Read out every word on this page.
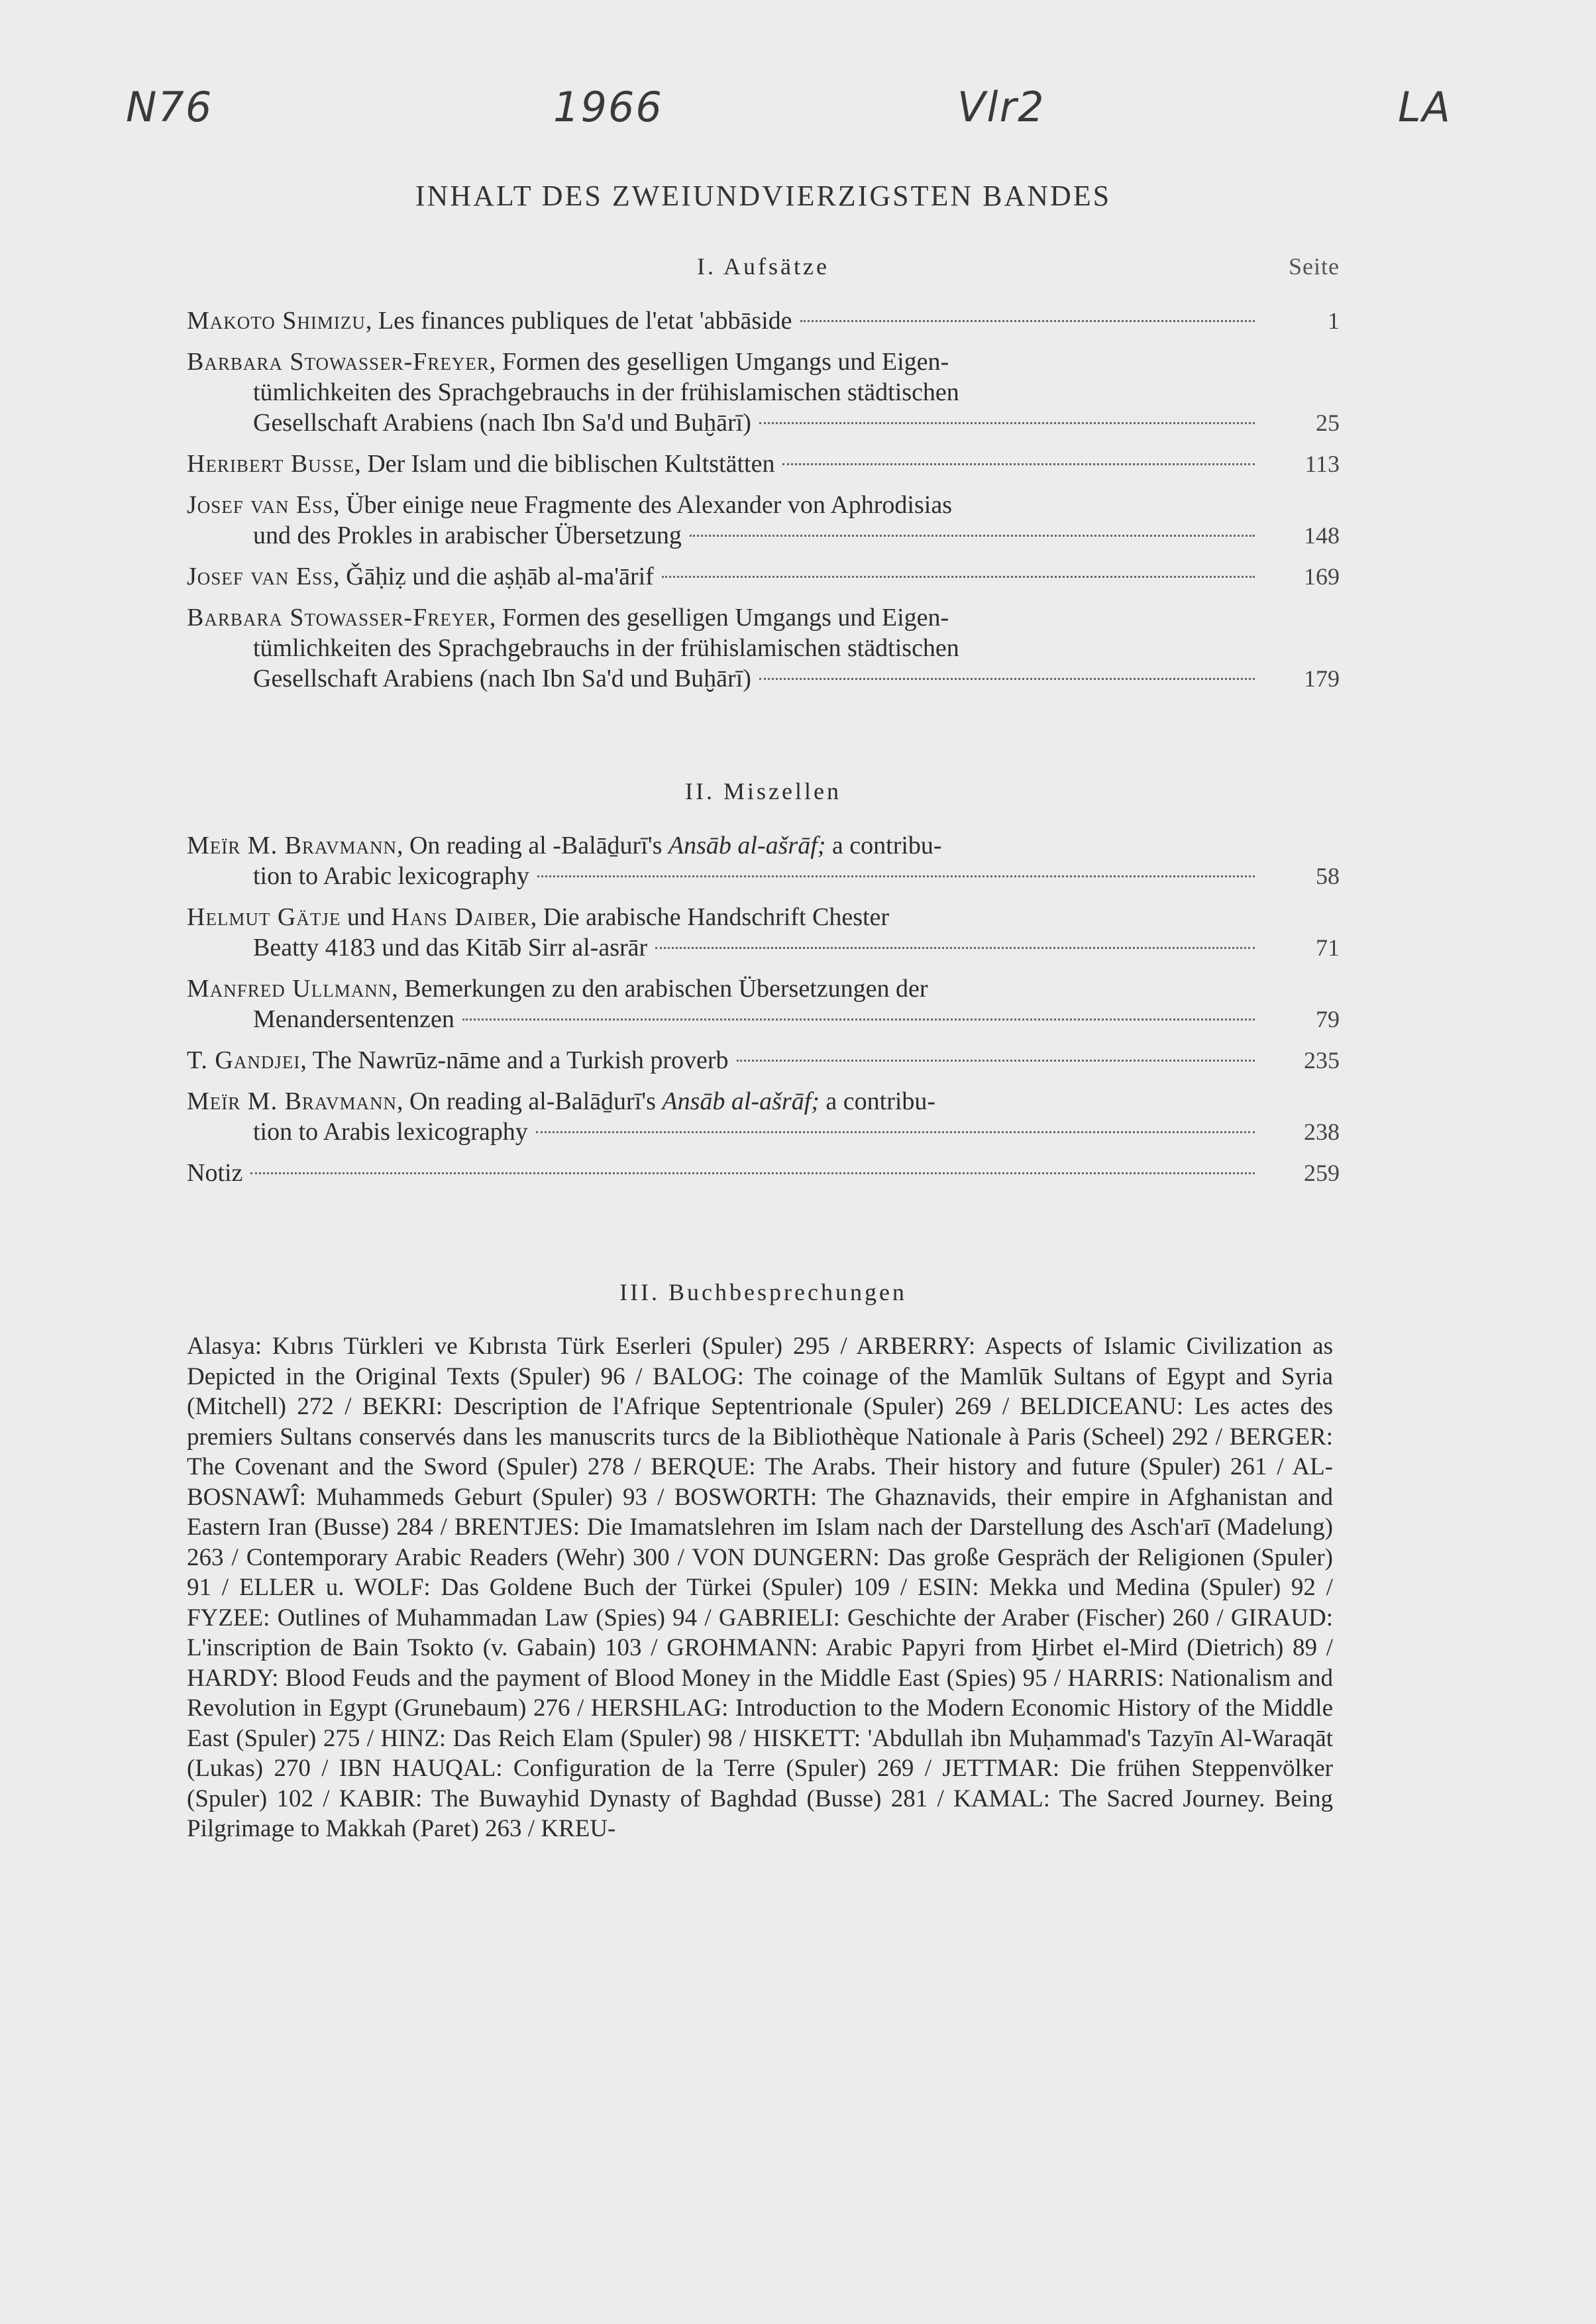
N76	1966	Vlr2	LA
INHALT DES ZWEIUNDVIERZIGSTEN BANDES
I. Aufsätze	Seite
Makoto Shimizu, Les finances publiques de l'etat 'abbāside	1
Barbara Stowasser-Freyer, Formen des geselligen Umgangs und Eigen-
tümlichkeiten des Sprachgebrauchs in der frühislamischen städtischen
Gesellschaft Arabiens (nach Ibn Sa'd und Buḫārī)	25
Heribert Busse, Der Islam und die biblischen Kultstätten	113
Josef van Ess, Über einige neue Fragmente des Alexander von Aphrodisias
und des Prokles in arabischer Übersetzung	148
Josef van Ess, Ǧāḥiẓ und die aṣḥāb al-ma'ārif	169
Barbara Stowasser-Freyer, Formen des geselligen Umgangs und Eigen-
tümlichkeiten des Sprachgebrauchs in der frühislamischen städtischen
Gesellschaft Arabiens (nach Ibn Sa'd und Buḫārī)	179
II. Miszellen
Meïr M. Bravmann, On reading al -Balāḏurī's Ansāb al-ašrāf; a contribu-
tion to Arabic lexicography	58
Helmut Gätje und Hans Daiber, Die arabische Handschrift Chester
Beatty 4183 und das Kitāb Sirr al-asrār	71
Manfred Ullmann, Bemerkungen zu den arabischen Übersetzungen der
Menandersentenzen	79
T. Gandjei, The Nawrūz-nāme and a Turkish proverb	235
Meïr M. Bravmann, On reading al-Balāḏurī's Ansāb al-ašrāf; a contribu-
tion to Arabis lexicography	238
Notiz	259
III. Buchbesprechungen

Alasya: Kıbrıs Türkleri ve Kıbrısta Türk Eserleri (Spuler) 295 / ARBERRY: Aspects of Islamic Civilization as Depicted in the Original Texts (Spuler) 96 / BALOG: The coinage of the Mamlūk Sultans of Egypt and Syria (Mitchell) 272 / BEKRI: Description de l'Afrique Septentrionale (Spuler) 269 / BELDICEANU: Les actes des premiers Sultans conservés dans les manuscrits turcs de la Bibliothèque Nationale à Paris (Scheel) 292 / BERGER: The Covenant and the Sword (Spuler) 278 / BERQUE: The Arabs. Their history and future (Spuler) 261 / AL-BOSNAWÎ: Muhammeds Geburt (Spuler) 93 / BOSWORTH: The Ghaznavids, their empire in Afghanistan and Eastern Iran (Busse) 284 / BRENTJES: Die Imamatslehren im Islam nach der Darstellung des Asch'arī (Madelung) 263 / Contemporary Arabic Readers (Wehr) 300 / VON DUNGERN: Das große Gespräch der Religionen (Spuler) 91 / ELLER u. WOLF: Das Goldene Buch der Türkei (Spuler) 109 / ESIN: Mekka und Medina (Spuler) 92 / FYZEE: Outlines of Muhammadan Law (Spies) 94 / GABRIELI: Geschichte der Araber (Fischer) 260 / GIRAUD: L'inscription de Bain Tsokto (v. Gabain) 103 / GROHMANN: Arabic Papyri from Ḫirbet el-Mird (Dietrich) 89 / HARDY: Blood Feuds and the payment of Blood Money in the Middle East (Spies) 95 / HARRIS: Nationalism and Revolution in Egypt (Grunebaum) 276 / HERSHLAG: Introduction to the Modern Economic History of the Middle East (Spuler) 275 / HINZ: Das Reich Elam (Spuler) 98 / HISKETT: 'Abdullah ibn Muḥammad's Tazyīn Al-Waraqāt (Lukas) 270 / IBN HAUQAL: Configuration de la Terre (Spuler) 269 / JETTMAR: Die frühen Steppenvölker (Spuler) 102 / KABIR: The Buwayhid Dynasty of Baghdad (Busse) 281 / KAMAL: The Sacred Journey. Being Pilgrimage to Makkah (Paret) 263 / KREU-
